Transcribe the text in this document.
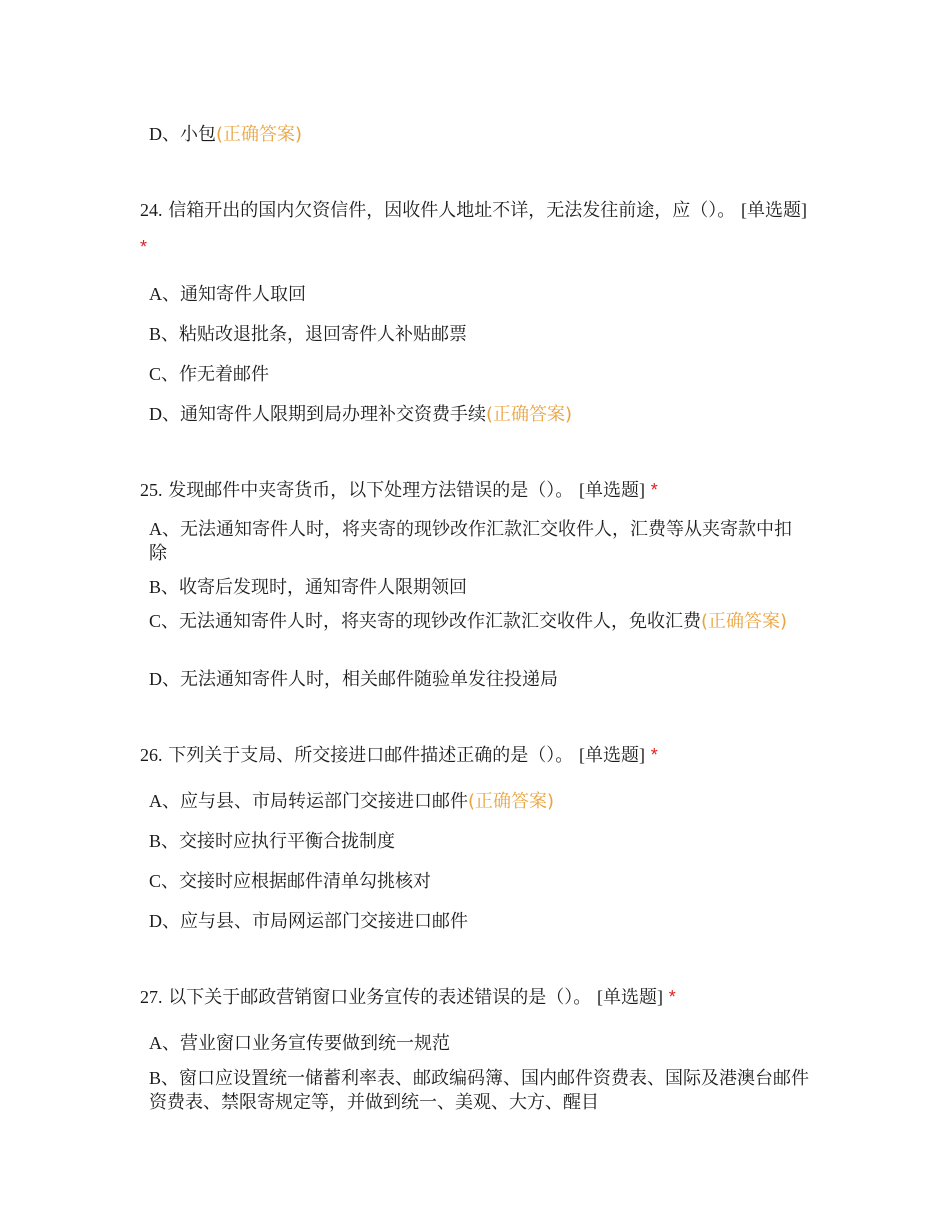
D、小包(正确答案)
24. 信箱开出的国内欠资信件，因收件人地址不详，无法发往前途，应（）。 [单选题] *
A、通知寄件人取回
B、粘贴改退批条，退回寄件人补贴邮票
C、作无着邮件
D、通知寄件人限期到局办理补交资费手续(正确答案)
25. 发现邮件中夹寄货币，以下处理方法错误的是（）。 [单选题] *
A、无法通知寄件人时，将夹寄的现钞改作汇款汇交收件人，汇费等从夹寄款中扣除
B、收寄后发现时，通知寄件人限期领回
C、无法通知寄件人时，将夹寄的现钞改作汇款汇交收件人，免收汇费(正确答案)
D、无法通知寄件人时，相关邮件随验单发往投递局
26. 下列关于支局、所交接进口邮件描述正确的是（）。 [单选题] *
A、应与县、市局转运部门交接进口邮件(正确答案)
B、交接时应执行平衡合拢制度
C、交接时应根据邮件清单勾挑核对
D、应与县、市局网运部门交接进口邮件
27. 以下关于邮政营销窗口业务宣传的表述错误的是（）。 [单选题] *
A、营业窗口业务宣传要做到统一规范
B、窗口应设置统一储蓄利率表、邮政编码簿、国内邮件资费表、国际及港澳台邮件资费表、禁限寄规定等，并做到统一、美观、大方、醒目
